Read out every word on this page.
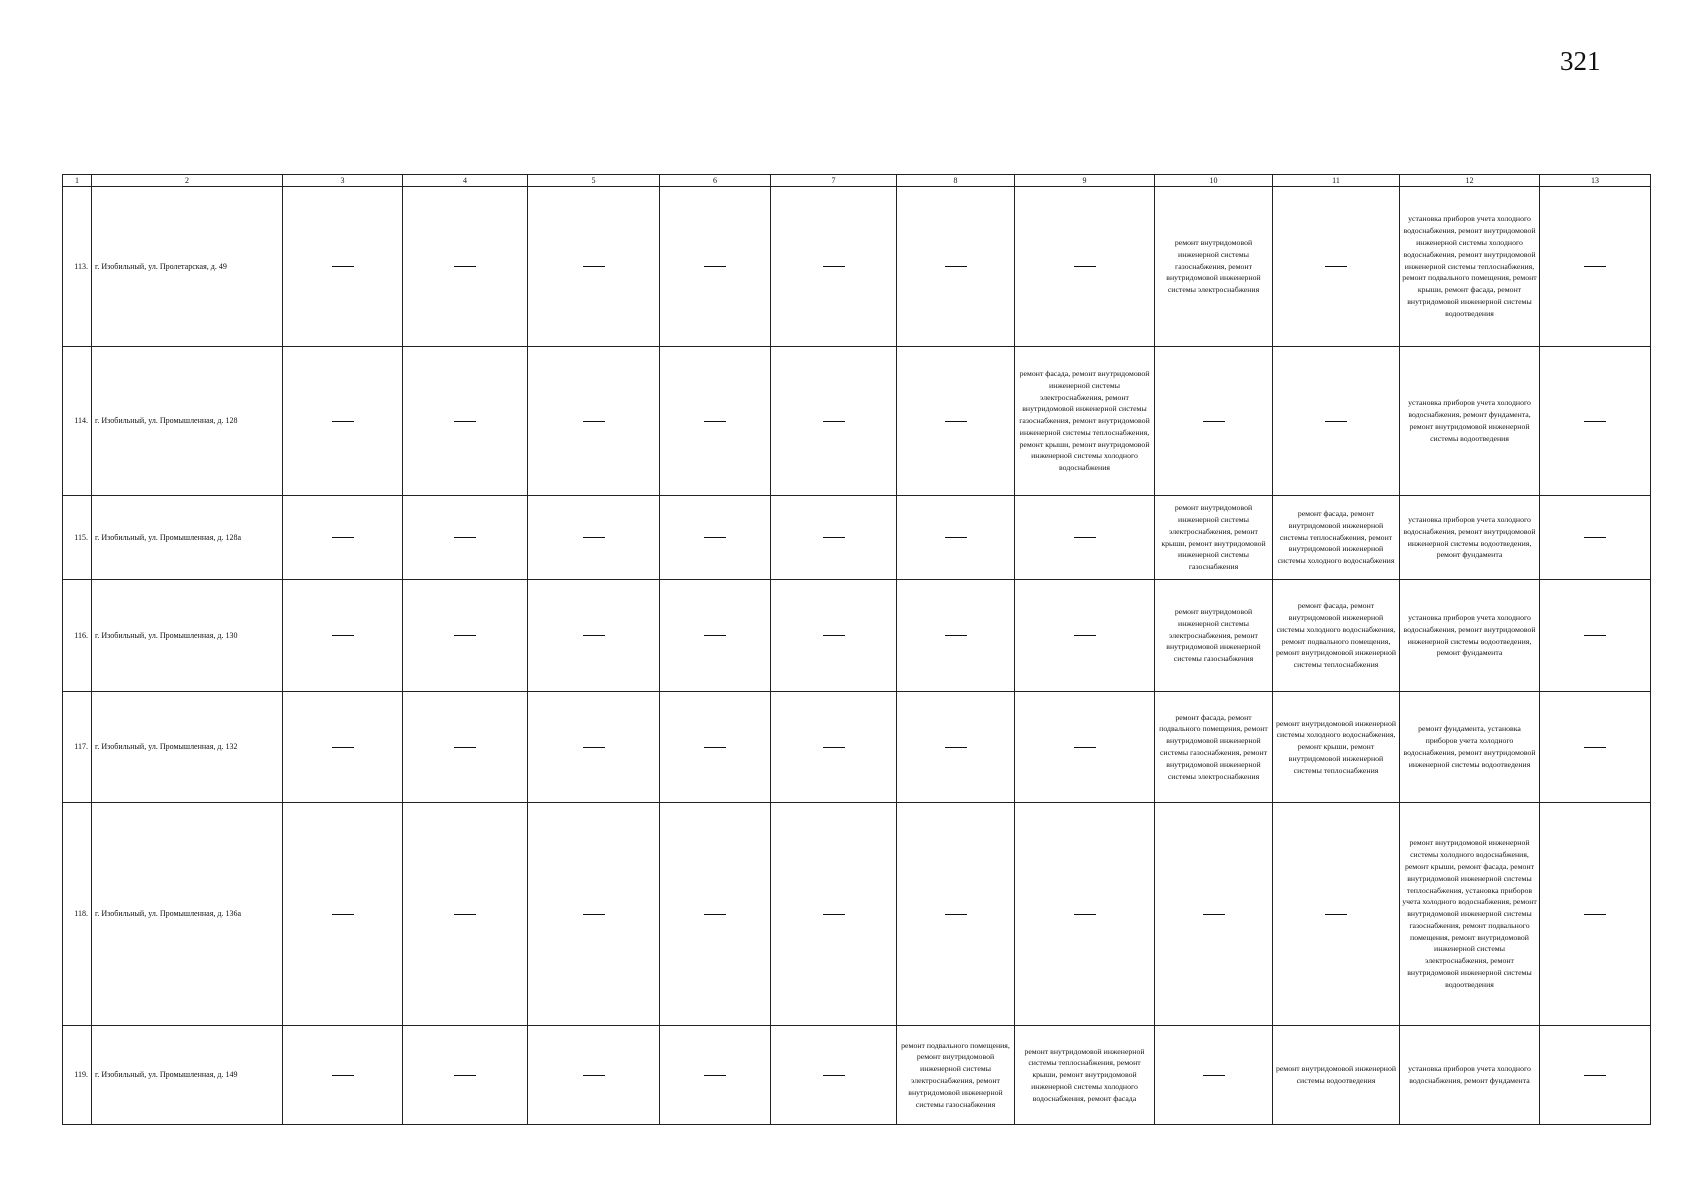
321
1	2	3	4	5	6	7	8	9	10	11	12	13
113.	г. Изобильный, ул. Пролетарская, д. 49								ремонт внутридомовой инженерной системы газоснабжения, ремонт внутридомовой инженерной системы электроснабжения		установка приборов учета холодного водоснабжения, ремонт внутридомовой инженерной системы холодного водоснабжения, ремонт внутридомовой инженерной системы теплоснабжения, ремонт подвального помещения, ремонт крыши, ремонт фасада, ремонт внутридомовой инженерной системы водоотведения	
114.	г. Изобильный, ул. Промышленная, д. 128							ремонт фасада, ремонт внутридомовой инженерной системы электроснабжения, ремонт внутридомовой инженерной системы газоснабжения, ремонт внутридомовой инженерной системы теплоснабжения, ремонт крыши, ремонт внутридомовой инженерной системы холодного водоснабжения			установка приборов учета холодного водоснабжения, ремонт фундамента, ремонт внутридомовой инженерной системы водоотведения	
115.	г. Изобильный, ул. Промышленная, д. 128а								ремонт внутридомовой инженерной системы электроснабжения, ремонт крыши, ремонт внутридомовой инженерной системы газоснабжения	ремонт фасада, ремонт внутридомовой инженерной системы теплоснабжения, ремонт внутридомовой инженерной системы холодного водоснабжения	установка приборов учета холодного водоснабжения, ремонт внутридомовой инженерной системы водоотведения, ремонт фундамента	
116.	г. Изобильный, ул. Промышленная, д. 130								ремонт внутридомовой инженерной системы электроснабжения, ремонт внутридомовой инженерной системы газоснабжения	ремонт фасада, ремонт внутридомовой инженерной системы холодного водоснабжения, ремонт подвального помещения, ремонт внутридомовой инженерной системы теплоснабжения	установка приборов учета холодного водоснабжения, ремонт внутридомовой инженерной системы водоотведения, ремонт фундамента	
117.	г. Изобильный, ул. Промышленная, д. 132								ремонт фасада, ремонт подвального помещения, ремонт внутридомовой инженерной системы газоснабжения, ремонт внутридомовой инженерной системы электроснабжения	ремонт внутридомовой инженерной системы холодного водоснабжения, ремонт крыши, ремонт внутридомовой инженерной системы теплоснабжения	ремонт фундамента, установка приборов учета холодного водоснабжения, ремонт внутридомовой инженерной системы водоотведения	
118.	г. Изобильный, ул. Промышленная, д. 136а										ремонт внутридомовой инженерной системы холодного водоснабжения, ремонт крыши, ремонт фасада, ремонт внутридомовой инженерной системы теплоснабжения, установка приборов учета холодного водоснабжения, ремонт внутридомовой инженерной системы газоснабжения, ремонт подвального помещения, ремонт внутридомовой инженерной системы электроснабжения, ремонт внутридомовой инженерной системы водоотведения	
119.	г. Изобильный, ул. Промышленная, д. 149						ремонт подвального помещения, ремонт внутридомовой инженерной системы электроснабжения, ремонт внутридомовой инженерной системы газоснабжения	ремонт внутридомовой инженерной системы теплоснабжения, ремонт крыши, ремонт внутридомовой инженерной системы холодного водоснабжения, ремонт фасада		ремонт внутридомовой инженерной системы водоотведения	установка приборов учета холодного водоснабжения, ремонт фундамента	
